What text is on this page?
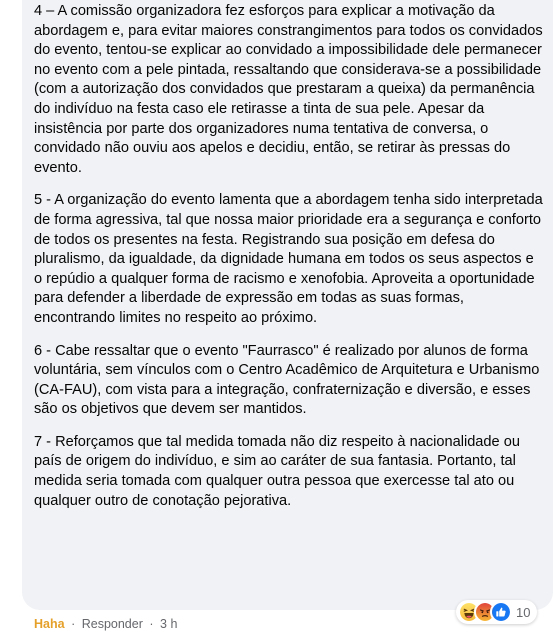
4 – A comissão organizadora fez esforços para explicar a motivação da abordagem e, para evitar maiores constrangimentos para todos os convidados do evento, tentou-se explicar ao convidado a impossibilidade dele permanecer no evento com a pele pintada, ressaltando que considerava-se a possibilidade (com a autorização dos convidados que prestaram a queixa) da permanência do indivíduo na festa caso ele retirasse a tinta de sua pele. Apesar da insistência por parte dos organizadores numa tentativa de conversa, o convidado não ouviu aos apelos e decidiu, então, se retirar às pressas do evento.

5 - A organização do evento lamenta que a abordagem tenha sido interpretada de forma agressiva, tal que nossa maior prioridade era a segurança e conforto de todos os presentes na festa. Registrando sua posição em defesa do pluralismo, da igualdade, da dignidade humana em todos os seus aspectos e o repúdio a qualquer forma de racismo e xenofobia. Aproveita a oportunidade para defender a liberdade de expressão em todas as suas formas, encontrando limites no respeito ao próximo.

6 - Cabe ressaltar que o evento "Faurrasco" é realizado por alunos de forma voluntária, sem vínculos com o Centro Acadêmico de Arquitetura e Urbanismo (CA-FAU), com vista para a integração, confraternização e diversão, e esses são os objetivos que devem ser mantidos.

7 - Reforçamos que tal medida tomada não diz respeito à nacionalidade ou país de origem do indivíduo, e sim ao caráter de sua fantasia. Portanto, tal medida seria tomada com qualquer outra pessoa que exercesse tal ato ou qualquer outro de conotação pejorativa.

10
Haha · Responder · 3 h
